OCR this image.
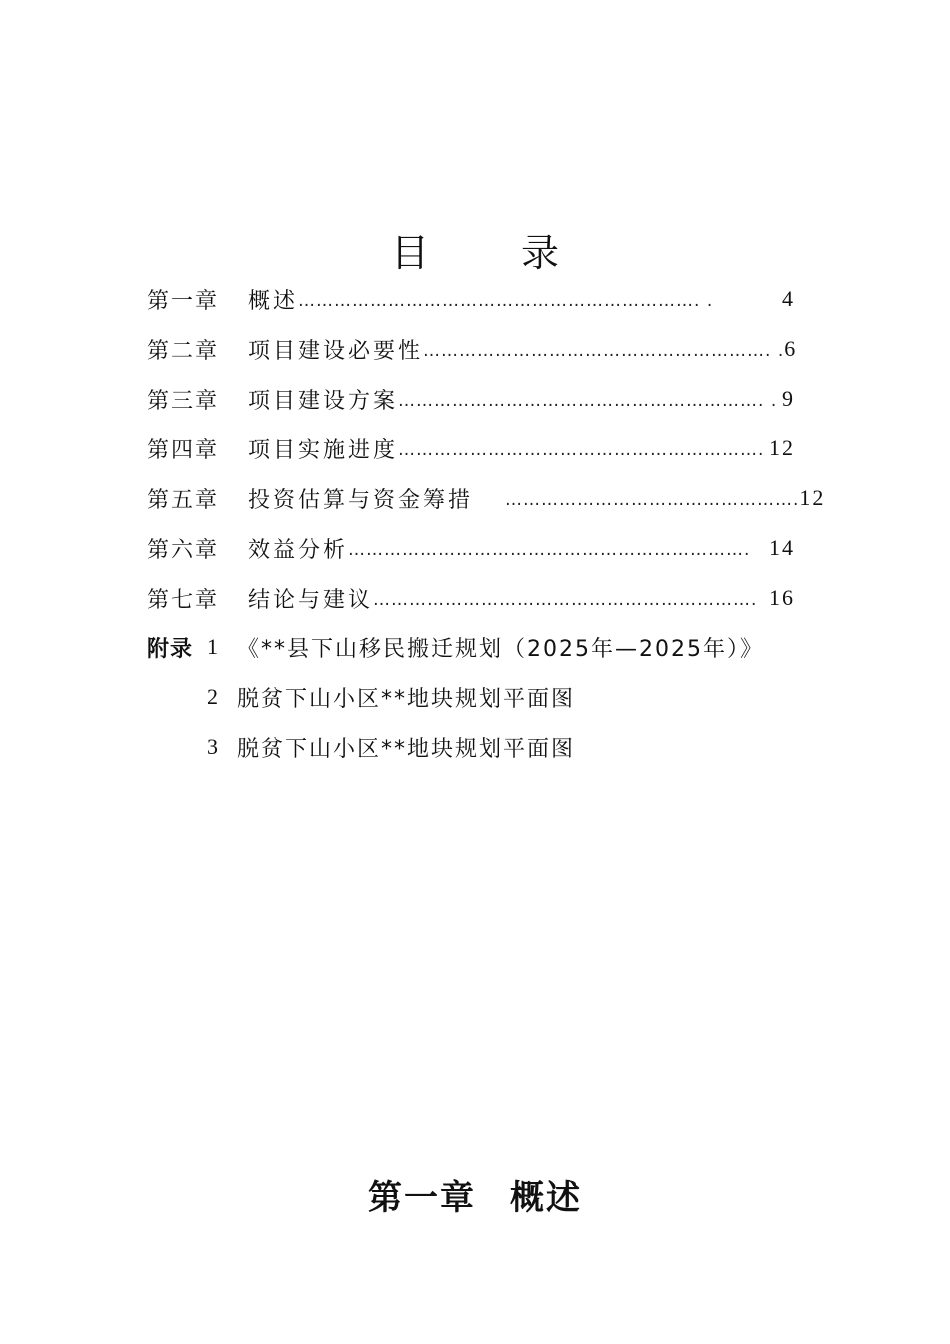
目 录
第一章	概述 …………………………………………………………. .	4
第二章	项目建设必要性 …………………………………………………. . 6
第三章	项目建设方案 ……………………………………………………. . 9
第四章	项目实施进度 ……………………………………………………. 12
第五章	投资估算与资金筹措 …………………………………………. 12
第六章	效益分析 …………………………………………………………. 14
第七章	结论与建议 ………………………………………………………. 16
附录 1 《**县下山移民搬迁规划（2025年—2025年）》
2 脱贫下山小区**地块规划平面图
3 脱贫下山小区**地块规划平面图
第一章 概述
